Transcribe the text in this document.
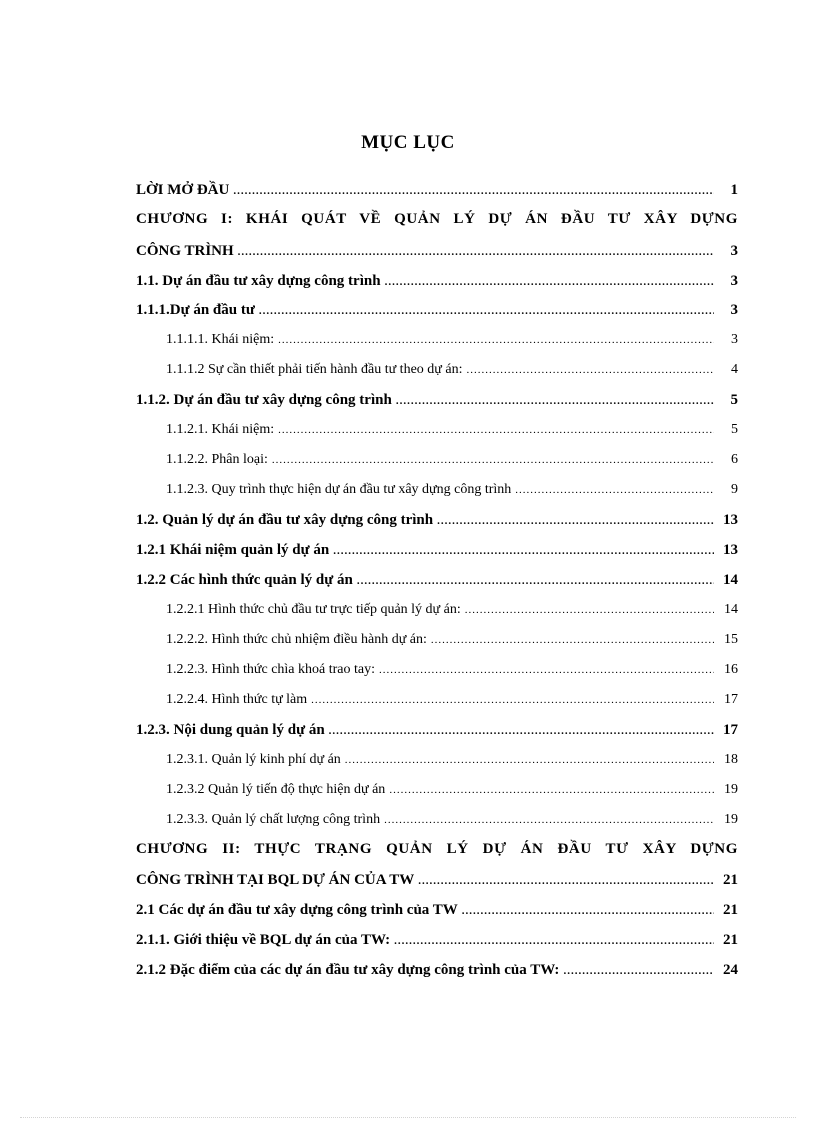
MỤC LỤC
LỜI MỞ ĐẦU .....	1
CHƯƠNG I: KHÁI QUÁT VỀ QUẢN LÝ DỰ ÁN ĐẦU TƯ XÂY DỰNG
CÔNG TRÌNH .....	3
1.1. Dự án đầu tư xây dựng công trình .....	3
1.1.1.Dự án đầu tư .....	3
1.1.1.1. Khái niệm: .....	3
1.1.1.2 Sự cần thiết phải tiến hành đầu tư theo dự án: .....	4
1.1.2. Dự án đầu tư xây dựng công trình .....	5
1.1.2.1. Khái niệm: .....	5
1.1.2.2. Phân loại: .....	6
1.1.2.3. Quy trình thực hiện dự án đầu tư xây dựng công trình .....	9
1.2. Quản lý dự án đầu tư xây dựng công trình .....	13
1.2.1 Khái niệm quản lý dự án .....	13
1.2.2 Các hình thức quản lý dự án .....	14
1.2.2.1 Hình thức chủ đầu tư trực tiếp quản lý dự án: .....	14
1.2.2.2. Hình thức chủ nhiệm điều hành dự án: .....	15
1.2.2.3. Hình thức chìa khoá trao tay: .....	16
1.2.2.4. Hình thức tự làm .....	17
1.2.3. Nội dung quản lý dự án .....	17
1.2.3.1. Quản lý kinh phí dự án .....	18
1.2.3.2 Quản lý tiến độ thực hiện dự án .....	19
1.2.3.3. Quản lý chất lượng công trình .....	19
CHƯƠNG II: THỰC TRẠNG QUẢN LÝ DỰ ÁN ĐẦU TƯ XÂY DỰNG
CÔNG TRÌNH TẠI BQL DỰ ÁN CỦA TW .....	21
2.1 Các dự án đầu tư xây dựng công trình của TW .....	21
2.1.1. Giới thiệu về BQL dự án của TW: .....	21
2.1.2 Đặc điểm của các dự án đầu tư xây dựng công trình của TW: .....	24
